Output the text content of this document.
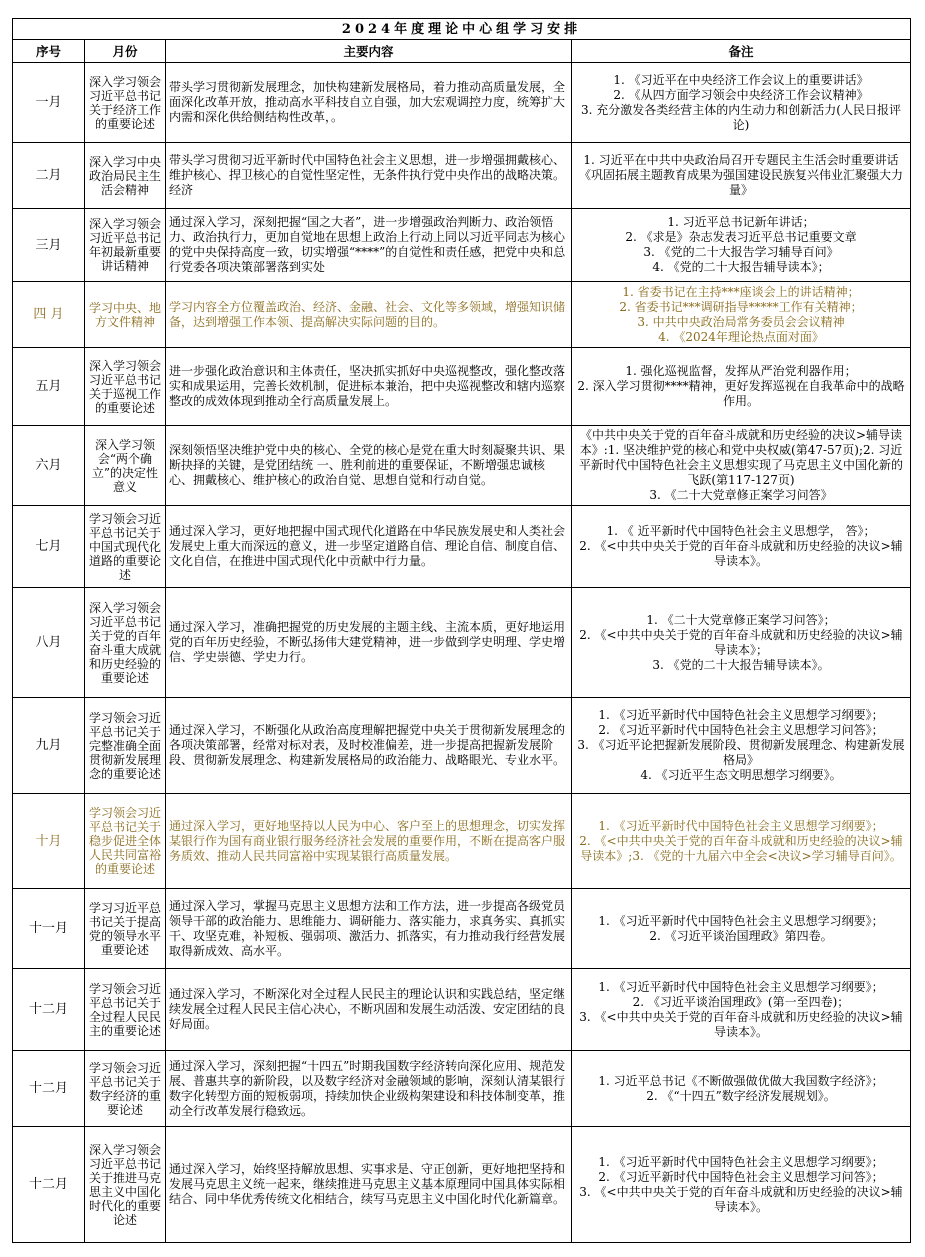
2024年度理论中心组学习安排			
序号	月份	主要内容	备注
一月	深入学习领会习近平总书记关于经济工作的重要论述	带头学习贯彻新发展理念，加快构建新发展格局，着力推动高质量发展，全面深化改革开放，推动高水平科技自立自强，加大宏观调控力度，统筹扩大内需和深化供给侧结构性改革，。	1. 《习近平在中央经济工作会议上的重要讲话》
2. 《从四方面学习领会中央经济工作会议精神》
3. 充分激发各类经营主体的内生动力和创新活力(人民日报评论)

二月	深入学习中央政治局民主生活会精神	带头学习贯彻习近平新时代中国特色社会主义思想，进一步增强拥戴核心、维护核心、捍卫核心的自觉性坚定性，无条件执行党中央作出的战略决策。经济	1. 习近平在中共中央政治局召开专题民主生活会时重要讲话《巩固拓展主题教育成果为强国建设民族复兴伟业汇聚强大力量》

三月	深入学习领会习近平总书记年初最新重要讲话精神	通过深入学习，深刻把握“国之大者”，进一步增强政治判断力、政治领悟力、政治执行力，更加自觉地在思想上政治上行动上同以习近平同志为核心的党中央保持高度一致，切实增强“****”的自觉性和责任感，把党中央和总行党委各项决策部署落到实处	1. 习近平总书记新年讲话；
2. 《求是》杂志发表习近平总书记重要文章
3. 《党的二十大报告学习辅导百问》
4. 《党的二十大报告辅导读本》；

四 月	学习中央、地方文件精神	学习内容全方位覆盖政治、经济、金融、社会、文化等多领域，增强知识储备，达到增强工作本领、提高解决实际问题的目的。	1. 省委书记在主持***座谈会上的讲话精神；
2. 省委书记***调研指导*****工作有关精神；
3. 中共中央政治局常务委员会会议精神
4. 《2024年理论热点面对面》

五月	深入学习领会习近平总书记关于巡视工作的重要论述	进一步强化政治意识和主体责任，坚决抓实抓好中央巡视整改，强化整改落实和成果运用，完善长效机制，促进标本兼治，把中央巡视整改和辖内巡察整改的成效体现到推动全行高质量发展上。	1. 强化巡视监督，发挥从严治党利器作用；
2. 深入学习贯彻****精神，更好发挥巡视在自我革命中的战略作用。

六月	深入学习领会“两个确立”的决定性意义	深刻领悟坚决维护党中央的核心、全党的核心是党在重大时刻凝聚共识、果断抉择的关键，是党团结统 一、胜利前进的重要保证，不断增强忠诚核心、拥戴核心、维护核心的政治自觉、思想自觉和行动自觉。	《中共中央关于党的百年奋斗成就和历史经验的决议>辅导读本》:1. 坚决维护党的核心和党中央权威(第47-57页);2. 习近平新时代中国特色社会主义思想实现了马克思主义中国化新的飞跃(第117-127页)
3. 《二十大党章修正案学习问答》

七月	学习领会习近平总书记关于中国式现代化道路的重要论述	通过深入学习，更好地把握中国式现代化道路在中华民族发展史和人类社会发展史上重大而深远的意义，进一步坚定道路自信、理论自信、制度自信、文化自信，在推进中国式现代化中贡献中行力量。	1. 《 近平新时代中国特色社会主义思想学， 答》；
2. 《<中共中央关于党的百年奋斗成就和历史经验的决议>辅导读本》。

八月	深入学习领会习近平总书记关于党的百年奋斗重大成就和历史经验的重要论述	通过深入学习，准确把握党的历史发展的主题主线、主流本质，更好地运用党的百年历史经验，不断弘扬伟大建党精神，进一步做到学史明理、学史增信、学史崇德、学史力行。	1. 《二十大党章修正案学习问答》；
2. 《<中共中央关于党的百年奋斗成就和历史经验的决议>辅导读本》；
3. 《党的二十大报告辅导读本》。

九月	学习领会习近平总书记关于完整准确全面贯彻新发展理念的重要论述	通过深入学习，不断强化从政治高度理解把握党中央关于贯彻新发展理念的各项决策部署，经常对标对表，及时校准偏差，进一步提高把握新发展阶段、贯彻新发展理念、构建新发展格局的政治能力、战略眼光、专业水平。	1. 《习近平新时代中国特色社会主义思想学习纲要》；
2. 《习近平新时代中国特色社会主义思想学习问答》；
3. 《习近平论把握新发展阶段、贯彻新发展理念、构建新发展格局》
4. 《习近平生态文明思想学习纲要》。

十月	学习领会习近平总书记关于稳步促进全体人民共同富裕的重要论述	通过深入学习，更好地坚持以人民为中心、客户至上的思想理念，切实发挥某银行作为国有商业银行服务经济社会发展的重要作用，不断在提高客户服务质效、推动人民共同富裕中实现某银行高质量发展。	1. 《习近平新时代中国特色社会主义思想学习纲要》；
2. 《<中共中央关于党的百年奋斗成就和历史经验的决议>辅导读本》;3. 《党的十九届六中全会<决议>学习辅导百问》。

十一月	学习习近平总书记关于提高党的领导水平重要论述	通过深入学习，掌握马克思主义思想方法和工作方法，进一步提高各级党员领导干部的政治能力、思维能力、调研能力、落实能力，求真务实、真抓实干、攻坚克难，补短板、强弱项、激活力、抓落实，有力推动我行经营发展取得新成效、高水平。	1. 《习近平新时代中国特色社会主义思想学习纲要》；
2. 《习近平谈治国理政》第四卷。

十二月	学习领会习近平总书记关于全过程人民民主的重要论述	通过深入学习，不断深化对全过程人民民主的理论认识和实践总结，坚定继续发展全过程人民民主信心决心，不断巩固和发展生动活泼、安定团结的良好局面。	1. 《习近平新时代中国特色社会主义思想学习纲要》；
2. 《习近平谈治国理政》(第一至四卷)；
3. 《<中共中央关于党的百年奋斗成就和历史经验的决议>辅导读本》。

十二月	学习领会习近平总书记关于数字经济的重要论述	通过深入学习，深刻把握“十四五”时期我国数字经济转向深化应用、规范发展、普惠共享的新阶段，以及数字经济对金融领域的影响，深刻认清某银行数字化转型方面的短板弱项，持续加快企业级构架建设和科技体制变革，推动全行改革发展行稳致远。	1. 习近平总书记《不断做强做优做大我国数字经济》；
2. 《“十四五”数字经济发展规划》。

十二月	深入学习领会习近平总书记关于推进马克思主义中国化时代化的重要论述	通过深入学习，始终坚持解放思想、实事求是、守正创新，更好地把坚持和发展马克思主义统一起来，继续推进马克思主义基本原理同中国具体实际相结合、同中华优秀传统文化相结合，续写马克思主义中国化时代化新篇章。	1. 《习近平新时代中国特色社会主义思想学习纲要》；
2. 《习近平新时代中国特色社会主义思想学习问答》；
3. 《<中共中央关于党的百年奋斗成就和历史经验的决议>辅导读本》。
